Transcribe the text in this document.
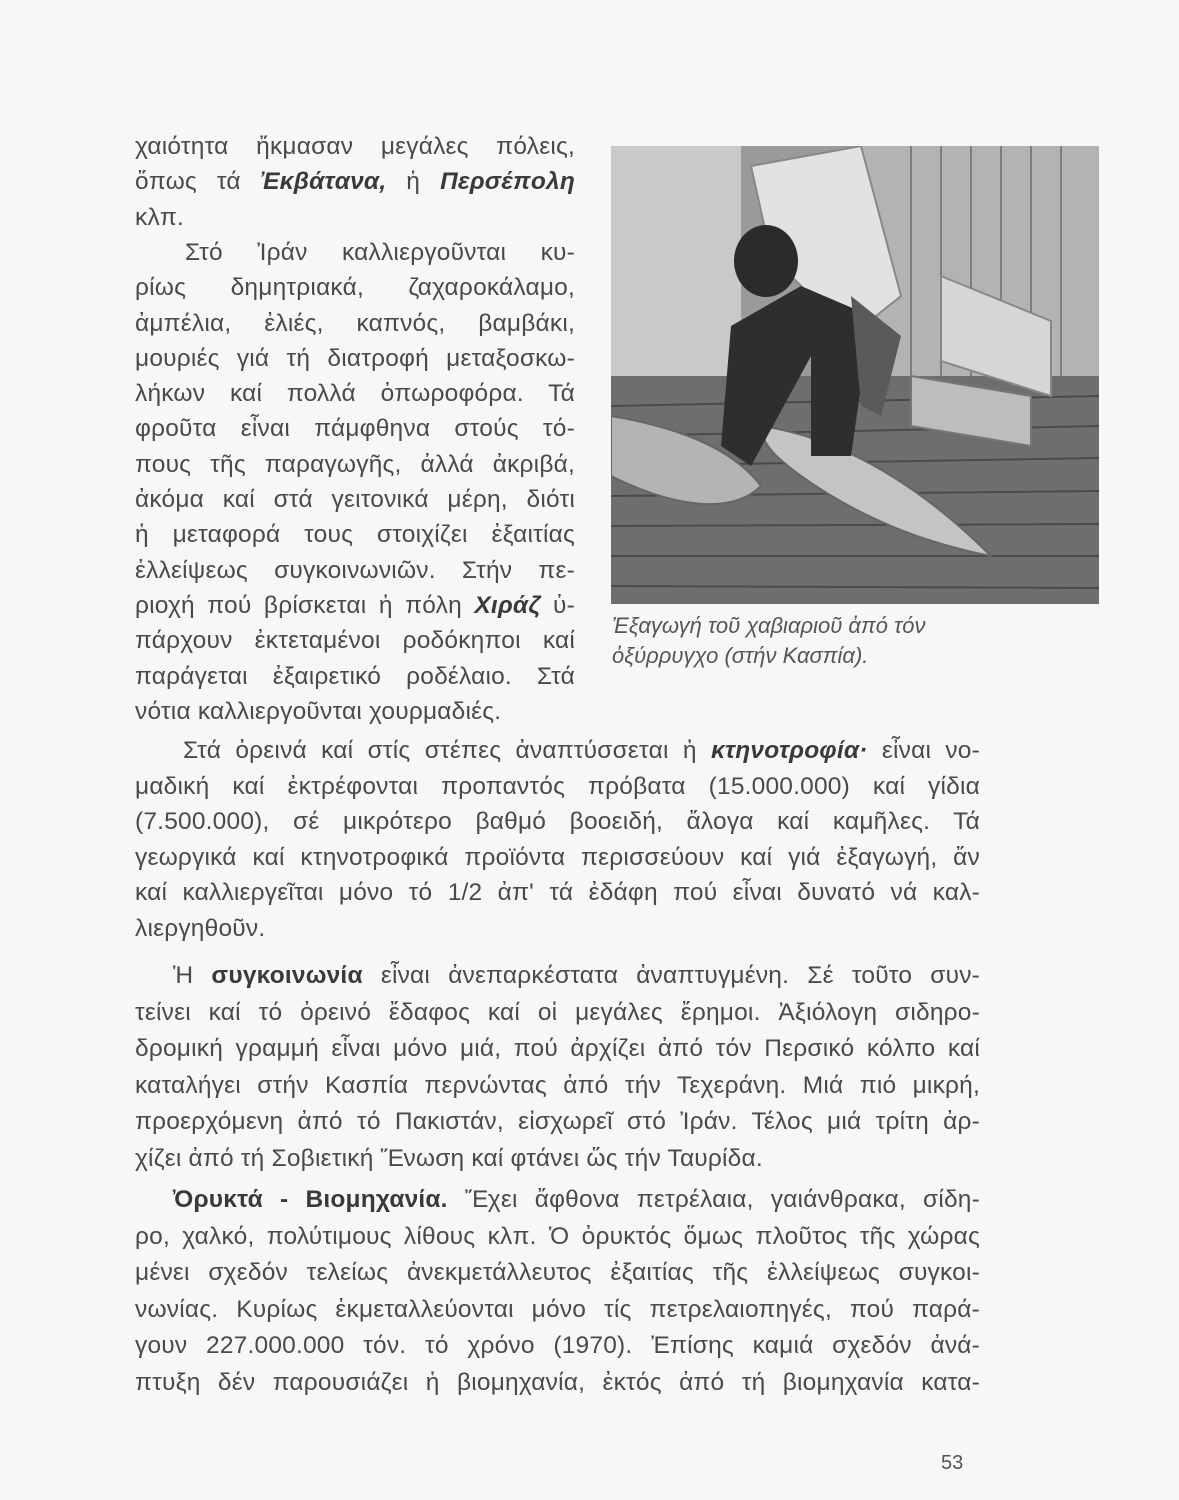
χαιότητα ἤκμασαν μεγάλες πόλεις,
ὅπως τά Ἐκβάτανα, ἡ Περσέπολη
κλπ.
Στό Ἰράν καλλιεργοῦνται κυ-
ρίως δημητριακά, ζαχαροκάλαμο,
ἀμπέλια, ἐλιές, καπνός, βαμβάκι,
μουριές γιά τή διατροφή μεταξοσκω-
λήκων καί πολλά ὀπωροφόρα. Τά
φροῦτα εἶναι πάμφθηνα στούς τό-
πους τῆς παραγωγῆς, ἀλλά ἀκριβά,
ἀκόμα καί στά γειτονικά μέρη, διότι
ἡ μεταφορά τους στοιχίζει ἐξαιτίας
ἐλλείψεως συγκοινωνιῶν. Στήν πε-
ριοχή πού βρίσκεται ἡ πόλη Χιράζ ὑ-
πάρχουν ἐκτεταμένοι ροδόκηποι καί
παράγεται ἐξαιρετικό ροδέλαιο. Στά
νότια καλλιεργοῦνται χουρμαδιές.
Ἐξαγωγή τοῦ χαβιαριοῦ ἀπό τόν
ὀξύρρυγχο (στήν Κασπία).
Στά ὀρεινά καί στίς στέπες ἀναπτύσσεται ἡ κτηνοτροφία· εἶναι νο-
μαδική καί ἐκτρέφονται προπαντός πρόβατα (15.000.000) καί γίδια
(7.500.000), σέ μικρότερο βαθμό βοοειδή, ἄλογα καί καμῆλες. Τά
γεωργικά καί κτηνοτροφικά προϊόντα περισσεύουν καί γιά ἐξαγωγή, ἄν
καί καλλιεργεῖται μόνο τό 1/2 ἀπ' τά ἐδάφη πού εἶναι δυνατό νά καλ-
λιεργηθοῦν.
Ἡ συγκοινωνία εἶναι ἀνεπαρκέστατα ἀναπτυγμένη. Σέ τοῦτο συν-
τείνει καί τό ὀρεινό ἔδαφος καί οἱ μεγάλες ἔρημοι. Ἀξιόλογη σιδηρο-
δρομική γραμμή εἶναι μόνο μιά, πού ἀρχίζει ἀπό τόν Περσικό κόλπο καί
καταλήγει στήν Κασπία περνώντας ἀπό τήν Τεχεράνη. Μιά πιό μικρή,
προερχόμενη ἀπό τό Πακιστάν, εἰσχωρεῖ στό Ἰράν. Τέλος μιά τρίτη ἀρ-
χίζει ἀπό τή Σοβιετική Ἕνωση καί φτάνει ὥς τήν Ταυρίδα.
Ὀρυκτά - Βιομηχανία. Ἔχει ἄφθονα πετρέλαια, γαιάνθρακα, σίδη-
ρο, χαλκό, πολύτιμους λίθους κλπ. Ὁ ὀρυκτός ὅμως πλοῦτος τῆς χώρας
μένει σχεδόν τελείως ἀνεκμετάλλευτος ἐξαιτίας τῆς ἐλλείψεως συγκοι-
νωνίας. Κυρίως ἐκμεταλλεύονται μόνο τίς πετρελαιοπηγές, πού παρά-
γουν 227.000.000 τόν. τό χρόνο (1970). Ἐπίσης καμιά σχεδόν ἀνά-
πτυξη δέν παρουσιάζει ἡ βιομηχανία, ἐκτός ἀπό τή βιομηχανία κατα-
53
